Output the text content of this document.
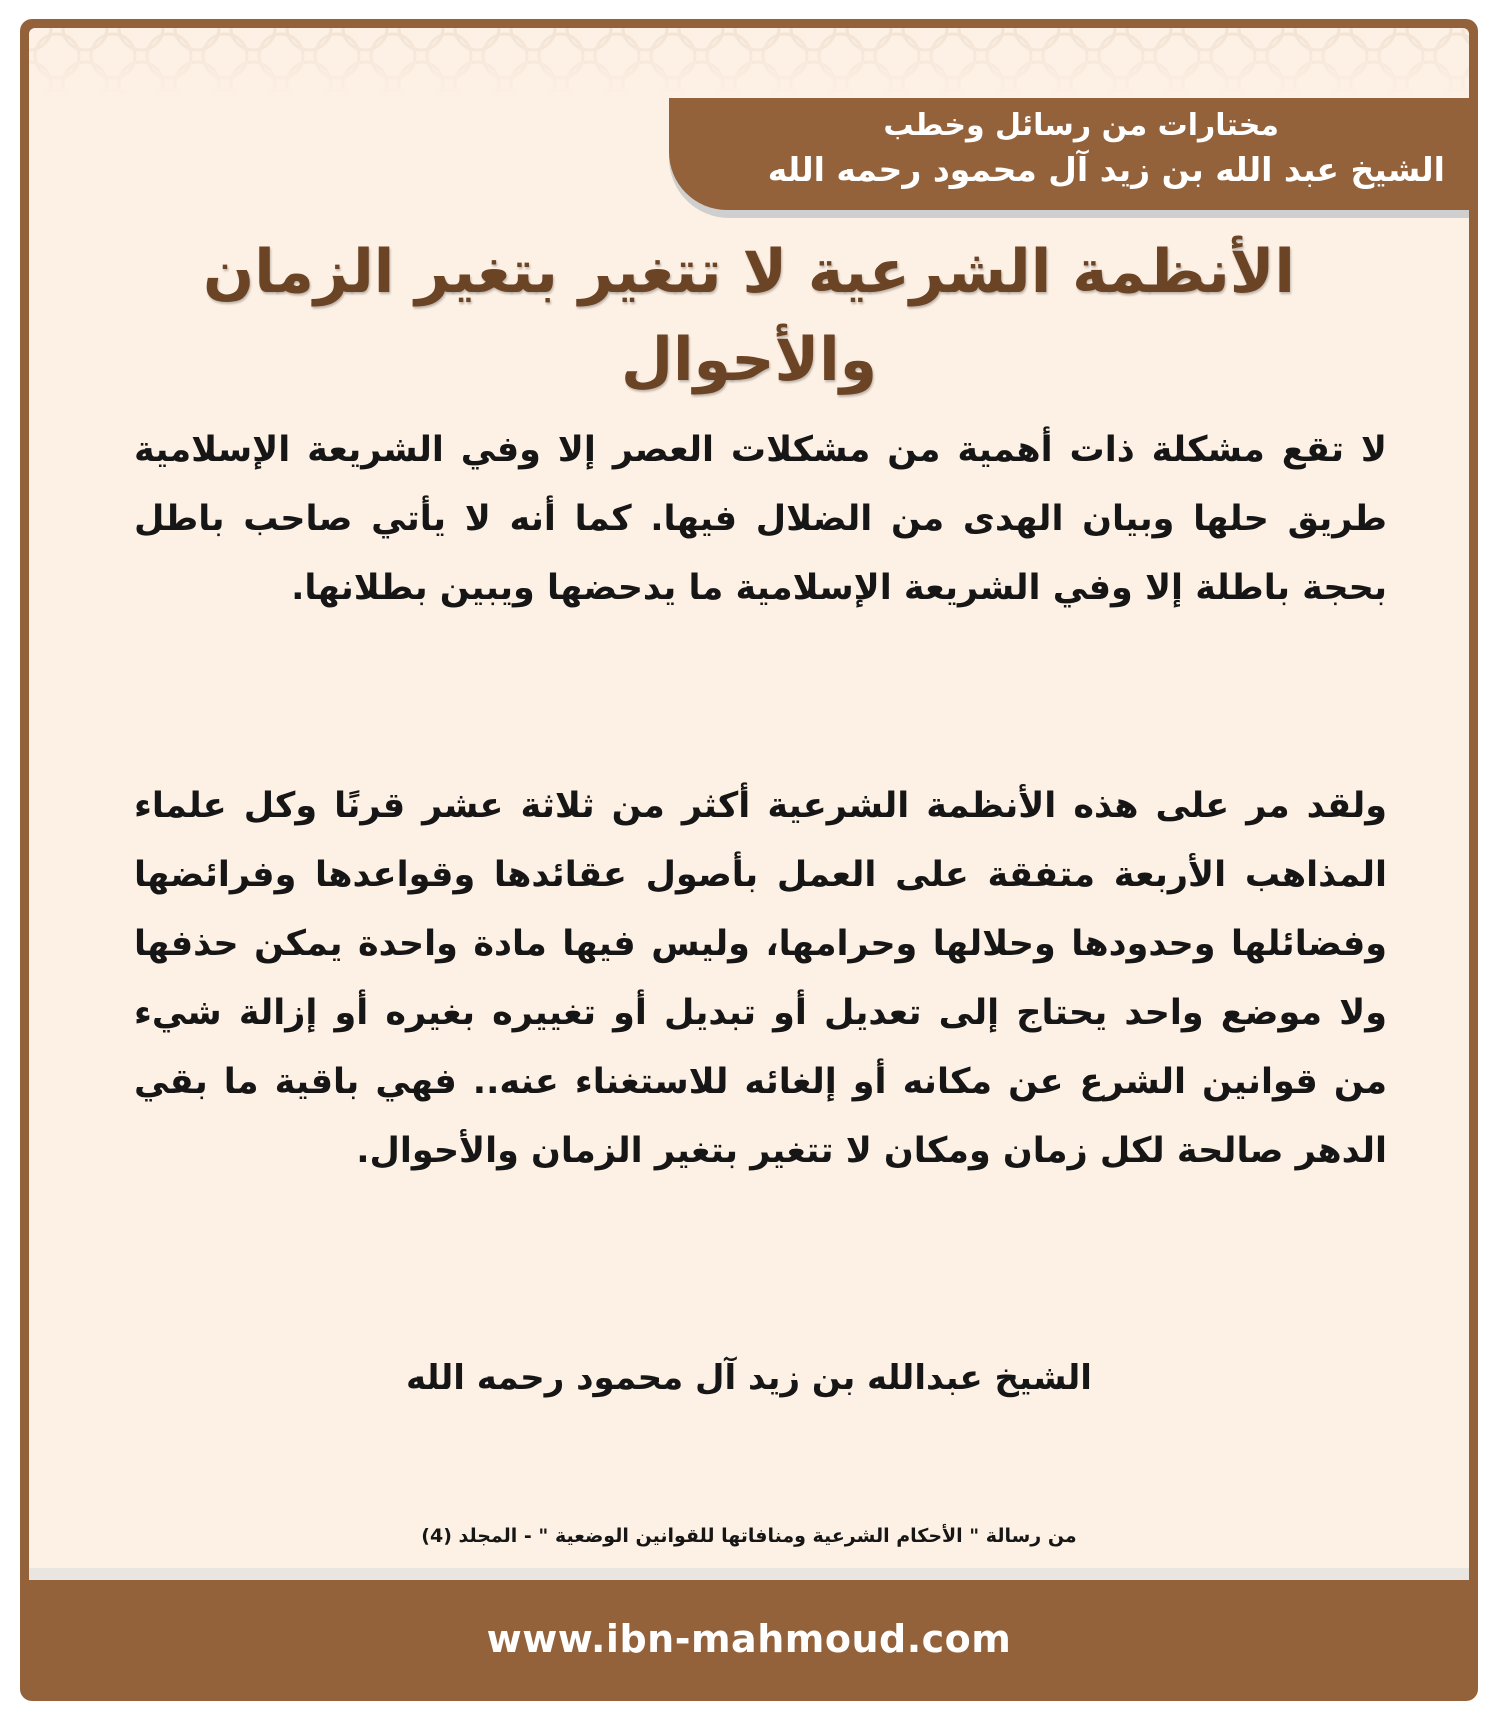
مختارات من رسائل وخطب
الشيخ عبد الله بن زيد آل محمود رحمه الله
الأنظمة الشرعية لا تتغير بتغير الزمان والأحوال

لا تقع مشكلة ذات أهمية من مشكلات العصر إلا وفي الشريعة الإسلامية طريق حلها وبيان الهدى من الضلال فيها. كما أنه لا يأتي صاحب باطل بحجة باطلة إلا وفي الشريعة الإسلامية ما يدحضها ويبين بطلانها.

ولقد مر على هذه الأنظمة الشرعية أكثر من ثلاثة عشر قرنًا وكل علماء المذاهب الأربعة متفقة على العمل بأصول عقائدها وقواعدها وفرائضها وفضائلها وحدودها وحلالها وحرامها، وليس فيها مادة واحدة يمكن حذفها ولا موضع واحد يحتاج إلى تعديل أو تبديل أو تغييره بغيره أو إزالة شيء من قوانين الشرع عن مكانه أو إلغائه للاستغناء عنه.. فهي باقية ما بقي الدهر صالحة لكل زمان ومكان لا تتغير بتغير الزمان والأحوال.

الشيخ عبدالله بن زيد آل محمود رحمه الله
من رسالة " الأحكام الشرعية ومنافاتها للقوانين الوضعية " - المجلد (4)
www.ibn-mahmoud.com
